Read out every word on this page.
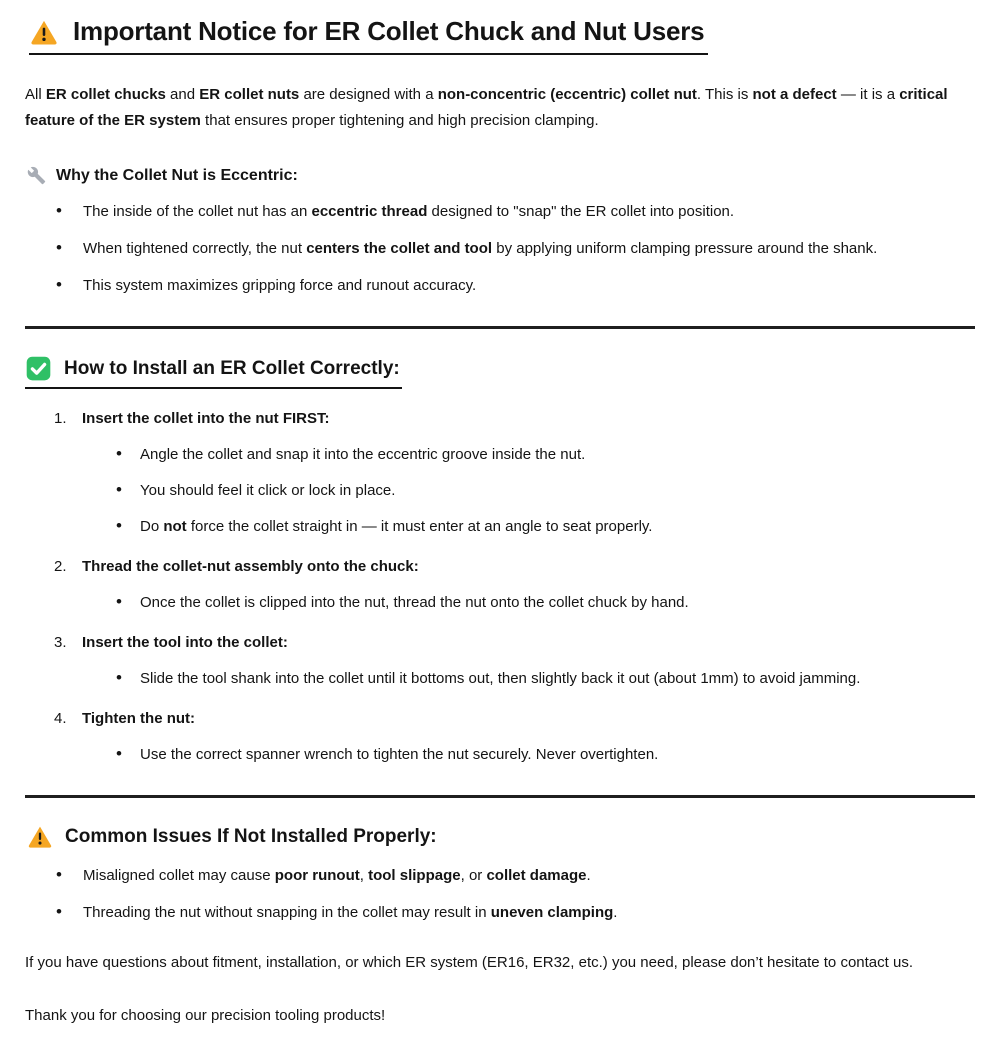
Important Notice for ER Collet Chuck and Nut Users

All ER collet chucks and ER collet nuts are designed with a non-concentric (eccentric) collet nut. This is not a defect — it is a critical feature of the ER system that ensures proper tightening and high precision clamping.

Why the Collet Nut is Eccentric:
• The inside of the collet nut has an eccentric thread designed to "snap" the ER collet into position.
• When tightened correctly, the nut centers the collet and tool by applying uniform clamping pressure around the shank.
• This system maximizes gripping force and runout accuracy.
How to Install an ER Collet Correctly:
Insert the collet into the nut FIRST:
• Angle the collet and snap it into the eccentric groove inside the nut.
• You should feel it click or lock in place.
• Do not force the collet straight in — it must enter at an angle to seat properly.
Thread the collet-nut assembly onto the chuck:
• Once the collet is clipped into the nut, thread the nut onto the collet chuck by hand.
Insert the tool into the collet:
• Slide the tool shank into the collet until it bottoms out, then slightly back it out (about 1mm) to avoid jamming.
Tighten the nut:
• Use the correct spanner wrench to tighten the nut securely. Never overtighten.
Common Issues If Not Installed Properly:
• Misaligned collet may cause poor runout, tool slippage, or collet damage.
• Threading the nut without snapping in the collet may result in uneven clamping.

If you have questions about fitment, installation, or which ER system (ER16, ER32, etc.) you need, please don’t hesitate to contact us.

Thank you for choosing our precision tooling products!
